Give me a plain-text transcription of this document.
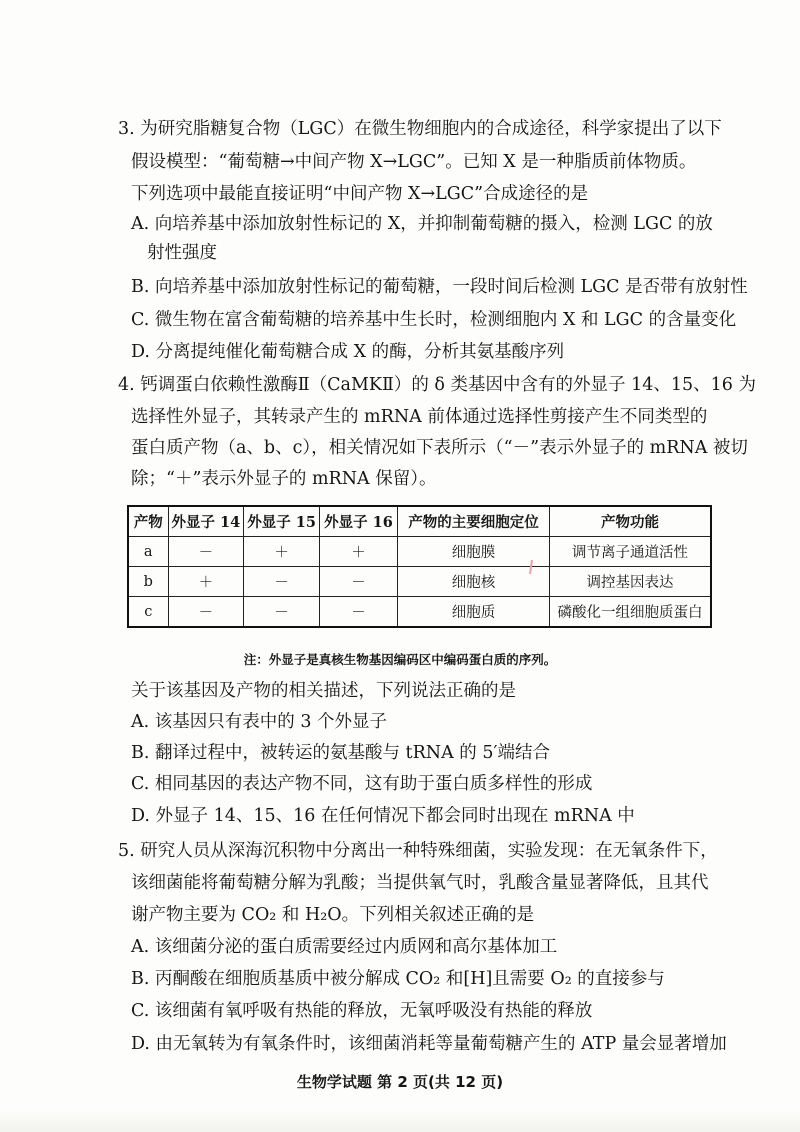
3. 为研究脂糖复合物（LGC）在微生物细胞内的合成途径，科学家提出了以下
假设模型：“葡萄糖→中间产物 X→LGC”。已知 X 是一种脂质前体物质。
下列选项中最能直接证明“中间产物 X→LGC”合成途径的是
A. 向培养基中添加放射性标记的 X，并抑制葡萄糖的摄入，检测 LGC 的放
射性强度
B. 向培养基中添加放射性标记的葡萄糖，一段时间后检测 LGC 是否带有放射性
C. 微生物在富含葡萄糖的培养基中生长时，检测细胞内 X 和 LGC 的含量变化
D. 分离提纯催化葡萄糖合成 X 的酶，分析其氨基酸序列
4. 钙调蛋白依赖性激酶Ⅱ（CaMKⅡ）的 δ 类基因中含有的外显子 14、15、16 为
选择性外显子，其转录产生的 mRNA 前体通过选择性剪接产生不同类型的
蛋白质产物（a、b、c），相关情况如下表所示（“－”表示外显子的 mRNA 被切
除；“＋”表示外显子的 mRNA 保留）。
产物	外显子 14	外显子 15	外显子 16	产物的主要细胞定位	产物功能
a	－	＋	＋	细胞膜	调节离子通道活性
b	＋	－	－	细胞核	调控基因表达
c	－	－	－	细胞质	磷酸化一组细胞质蛋白
注：外显子是真核生物基因编码区中编码蛋白质的序列。
关于该基因及产物的相关描述，下列说法正确的是
A. 该基因只有表中的 3 个外显子
B. 翻译过程中，被转运的氨基酸与 tRNA 的 5′端结合
C. 相同基因的表达产物不同，这有助于蛋白质多样性的形成
D. 外显子 14、15、16 在任何情况下都会同时出现在 mRNA 中
5. 研究人员从深海沉积物中分离出一种特殊细菌，实验发现：在无氧条件下，
该细菌能将葡萄糖分解为乳酸；当提供氧气时，乳酸含量显著降低，且其代
谢产物主要为 CO₂ 和 H₂O。下列相关叙述正确的是
A. 该细菌分泌的蛋白质需要经过内质网和高尔基体加工
B. 丙酮酸在细胞质基质中被分解成 CO₂ 和[H]且需要 O₂ 的直接参与
C. 该细菌有氧呼吸有热能的释放，无氧呼吸没有热能的释放
D. 由无氧转为有氧条件时，该细菌消耗等量葡萄糖产生的 ATP 量会显著增加
生物学试题 第 2 页(共 12 页)
